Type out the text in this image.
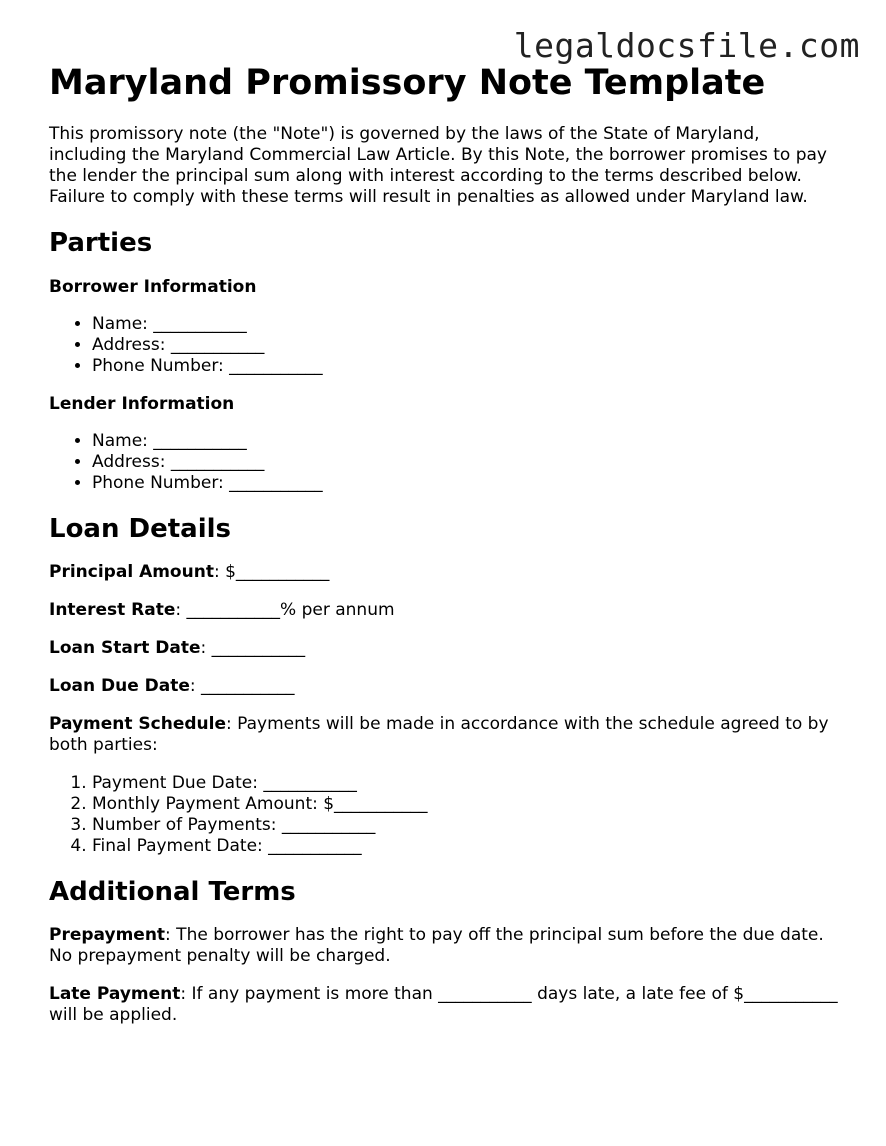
legaldocsfile.com
Maryland Promissory Note Template

This promissory note (the "Note") is governed by the laws of the State of Maryland, including the Maryland Commercial Law Article. By this Note, the borrower promises to pay the lender the principal sum along with interest according to the terms described below. Failure to comply with these terms will result in penalties as allowed under Maryland law.

Parties
Borrower Information
• Name: ___________
• Address: ___________
• Phone Number: ___________
Lender Information
• Name: ___________
• Address: ___________
• Phone Number: ___________
Loan Details

Principal Amount: $___________

Interest Rate: ___________% per annum

Loan Start Date: ___________

Loan Due Date: ___________

Payment Schedule: Payments will be made in accordance with the schedule agreed to by both parties:

1. Payment Due Date: ___________
2. Monthly Payment Amount: $___________
3. Number of Payments: ___________
4. Final Payment Date: ___________
Additional Terms

Prepayment: The borrower has the right to pay off the principal sum before the due date. No prepayment penalty will be charged.

Late Payment: If any payment is more than ___________ days late, a late fee of $___________ will be applied.
